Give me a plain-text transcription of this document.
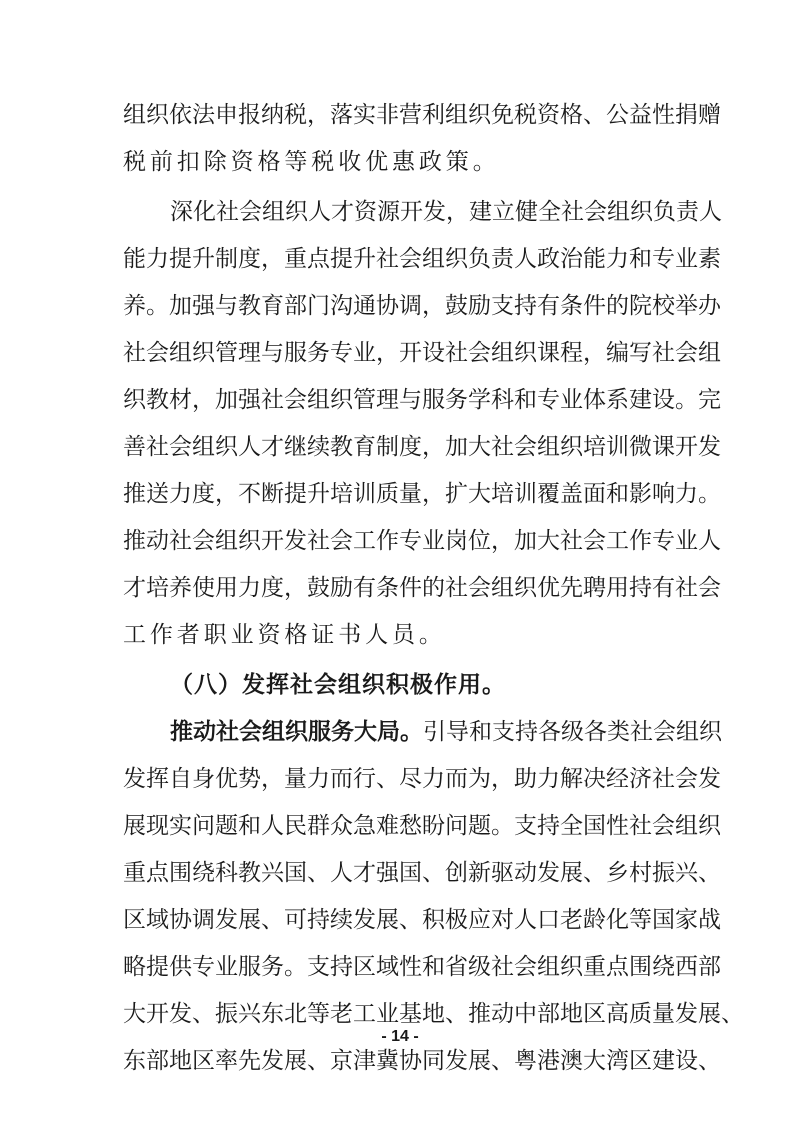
组织依法申报纳税，落实非营利组织免税资格、公益性捐赠
税前扣除资格等税收优惠政策。
深化社会组织人才资源开发，建立健全社会组织负责人
能力提升制度，重点提升社会组织负责人政治能力和专业素
养。加强与教育部门沟通协调，鼓励支持有条件的院校举办
社会组织管理与服务专业，开设社会组织课程，编写社会组
织教材，加强社会组织管理与服务学科和专业体系建设。完
善社会组织人才继续教育制度，加大社会组织培训微课开发
推送力度，不断提升培训质量，扩大培训覆盖面和影响力。
推动社会组织开发社会工作专业岗位，加大社会工作专业人
才培养使用力度，鼓励有条件的社会组织优先聘用持有社会
工作者职业资格证书人员。
（八）发挥社会组织积极作用。
推动社会组织服务大局。引导和支持各级各类社会组织
发挥自身优势，量力而行、尽力而为，助力解决经济社会发
展现实问题和人民群众急难愁盼问题。支持全国性社会组织
重点围绕科教兴国、人才强国、创新驱动发展、乡村振兴、
区域协调发展、可持续发展、积极应对人口老龄化等国家战
略提供专业服务。支持区域性和省级社会组织重点围绕西部
大开发、振兴东北等老工业基地、推动中部地区高质量发展、
东部地区率先发展、京津冀协同发展、粤港澳大湾区建设、
- 14 -
